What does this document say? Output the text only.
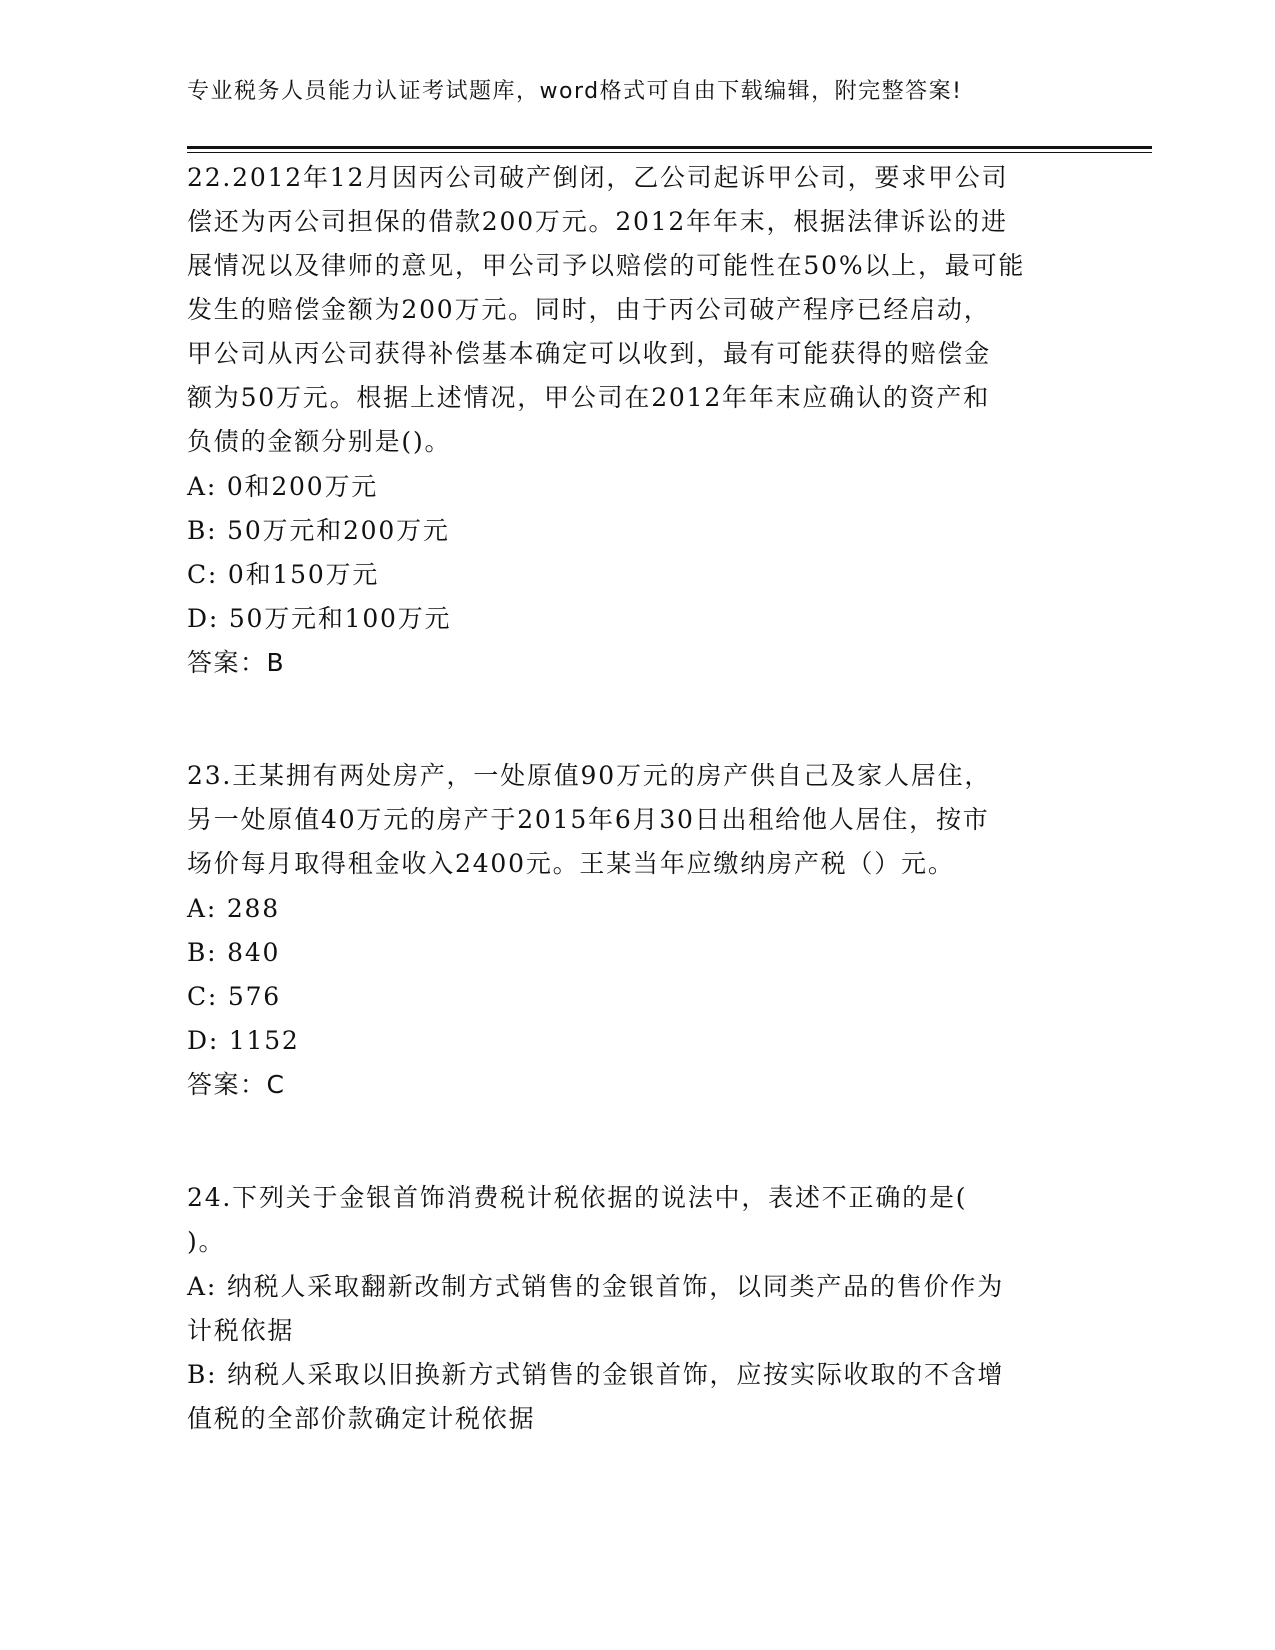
专业税务人员能力认证考试题库，word格式可自由下载编辑，附完整答案!
22.2012年12月因丙公司破产倒闭，乙公司起诉甲公司，要求甲公司
偿还为丙公司担保的借款200万元。2012年年末，根据法律诉讼的进
展情况以及律师的意见，甲公司予以赔偿的可能性在50%以上，最可能
发生的赔偿金额为200万元。同时，由于丙公司破产程序已经启动，
甲公司从丙公司获得补偿基本确定可以收到，最有可能获得的赔偿金
额为50万元。根据上述情况，甲公司在2012年年末应确认的资产和
负债的金额分别是()。
A: 0和200万元
B: 50万元和200万元
C: 0和150万元
D: 50万元和100万元
答案：B
23.王某拥有两处房产，一处原值90万元的房产供自己及家人居住，
另一处原值40万元的房产于2015年6月30日出租给他人居住，按市
场价每月取得租金收入2400元。王某当年应缴纳房产税（）元。
A: 288
B: 840
C: 576
D: 1152
答案：C
24.下列关于金银首饰消费税计税依据的说法中，表述不正确的是(
)。
A: 纳税人采取翻新改制方式销售的金银首饰，以同类产品的售价作为
计税依据
B: 纳税人采取以旧换新方式销售的金银首饰，应按实际收取的不含增
值税的全部价款确定计税依据
